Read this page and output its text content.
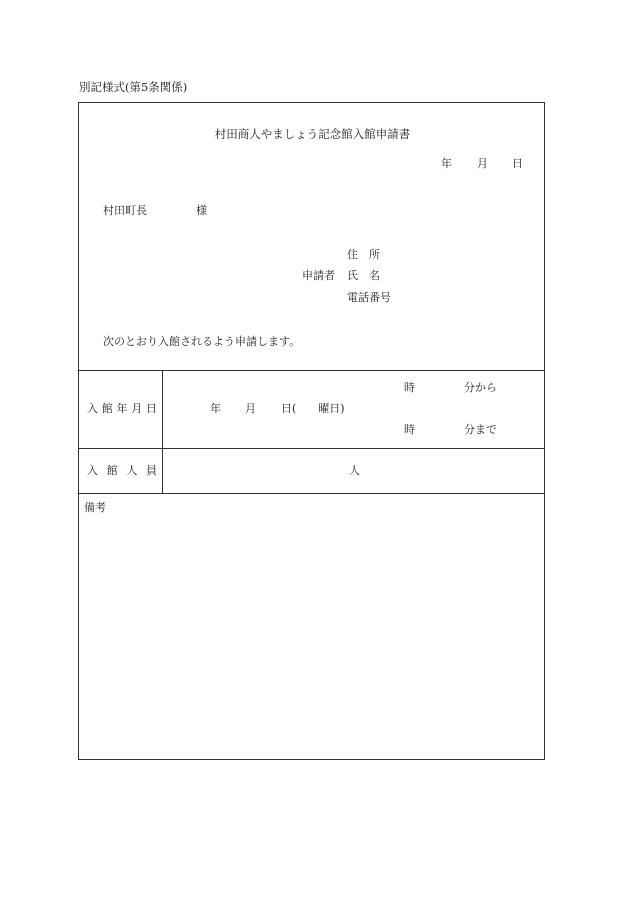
別記様式(第5条関係)
村田商人やましょう記念館入館申請書
年 月 日
村田町長	様
住　所
申請者 氏　名
電話番号
次のとおり入館されるよう申請します。
入館年月日	年 月 日(　　曜日)
時	分から
時	分まで
入館人員	人
備考
